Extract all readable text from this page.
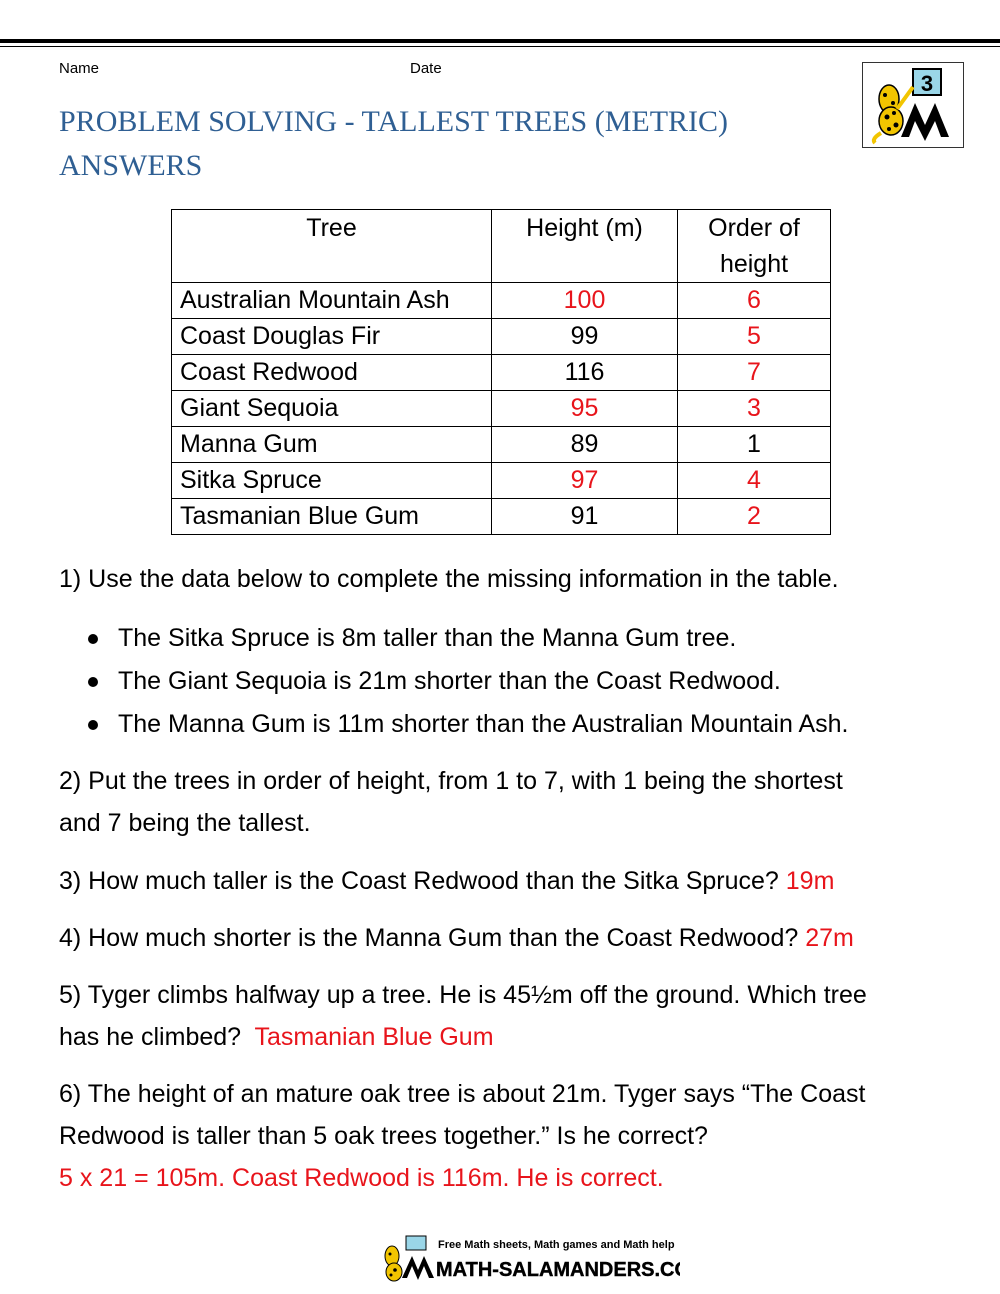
Name	Date
PROBLEM SOLVING - TALLEST TREES (METRIC)
ANSWERS
3
Tree	Height (m)	Order of
height

Australian Mountain Ash	100	6
Coast Douglas Fir	99	5
Coast Redwood	116	7
Giant Sequoia	95	3
Manna Gum	89	1
Sitka Spruce	97	4
Tasmanian Blue Gum	91	2
1) Use the data below to complete the missing information in the table.
The Sitka Spruce is 8m taller than the Manna Gum tree.
The Giant Sequoia is 21m shorter than the Coast Redwood.
The Manna Gum is 11m shorter than the Australian Mountain Ash.
2) Put the trees in order of height, from 1 to 7, with 1 being the shortest
and 7 being the tallest.
3) How much taller is the Coast Redwood than the Sitka Spruce? 19m
4) How much shorter is the Manna Gum than the Coast Redwood? 27m
5) Tyger climbs halfway up a tree. He is 45½m off the ground. Which tree
has he climbed? Tasmanian Blue Gum
6) The height of an mature oak tree is about 21m. Tyger says “The Coast
Redwood is taller than 5 oak trees together.” Is he correct?
5 x 21 = 105m. Coast Redwood is 116m. He is correct.
Free Math sheets, Math games and Math help
MATH-SALAMANDERS.COM
